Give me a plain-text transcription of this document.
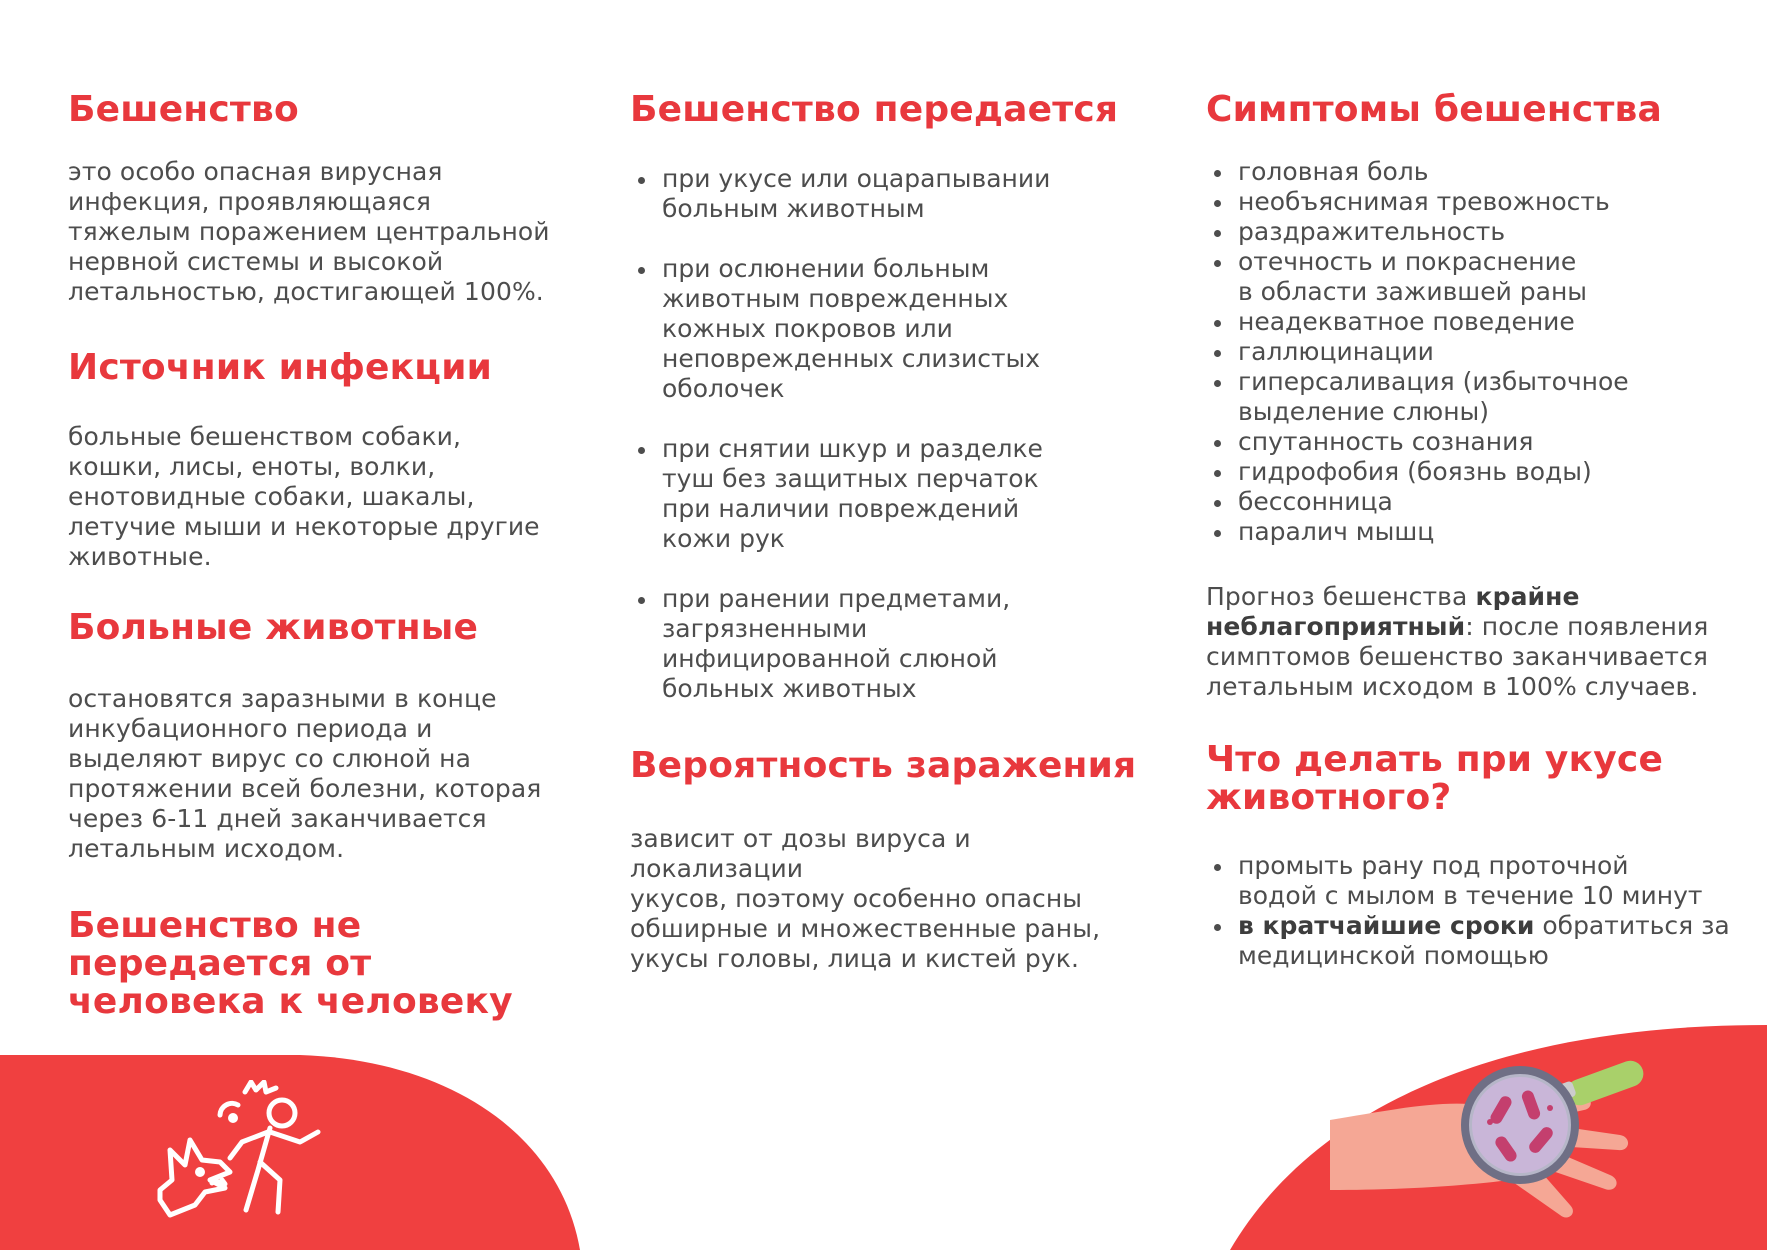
Бешенство
это особо опасная вирусная
инфекция, проявляющаяся
тяжелым поражением центральной
нервной системы и высокой
летальностью, достигающей 100%.
Источник инфекции
больные бешенством собаки,
кошки, лисы, еноты, волки,
енотовидные собаки, шакалы,
летучие мыши и некоторые другие
животные.
Больные животные
остановятся заразными в конце
инкубационного периода и
выделяют вирус со слюной на
протяжении всей болезни, которая
через 6-11 дней заканчивается
летальным исходом.
Бешенство не
передается от
человека к человеку
Бешенство передается
при укусе или оцарапывании
больным животным
при ослюнении больным
животным поврежденных
кожных покровов или
неповрежденных слизистых
оболочек
при снятии шкур и разделке
туш без защитных перчаток
при наличии повреждений
кожи рук
при ранении предметами,
загрязненными
инфицированной слюной
больных животных
Вероятность заражения
зависит от дозы вируса и локализации
укусов, поэтому особенно опасны
обширные и множественные раны,
укусы головы, лица и кистей рук.
Симптомы бешенства
головная боль
необъяснимая тревожность
раздражительность
отечность и покраснение
в области зажившей раны
неадекватное поведение
галлюцинации
гиперсаливация (избыточное
выделение слюны)
спутанность сознания
гидрофобия (боязнь воды)
бессонница
паралич мышц
Прогноз бешенства крайне неблагоприятный: после появления симптомов бешенство заканчивается летальным исходом в 100% случаев.
Что делать при укусе
животного?
промыть рану под проточной
водой с мылом в течение 10 минут
в кратчайшие сроки обратиться за
медицинской помощью
